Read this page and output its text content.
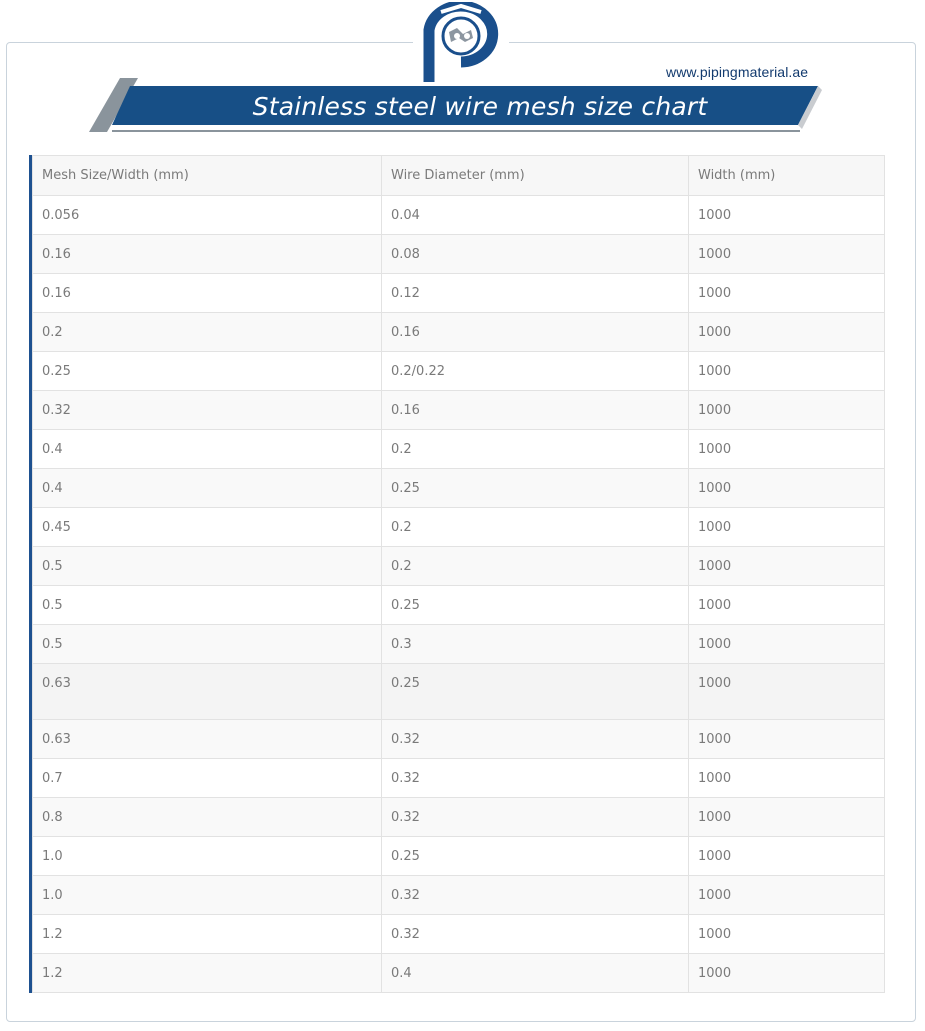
www.pipingmaterial.ae
Stainless steel wire mesh size chart
Mesh Size/Width (mm)	Wire Diameter (mm)	Width (mm)
0.056	0.04	1000
0.16	0.08	1000
0.16	0.12	1000
0.2	0.16	1000
0.25	0.2/0.22	1000
0.32	0.16	1000
0.4	0.2	1000
0.4	0.25	1000
0.45	0.2	1000
0.5	0.2	1000
0.5	0.25	1000
0.5	0.3	1000
0.63	0.25	1000
0.63	0.32	1000
0.7	0.32	1000
0.8	0.32	1000
1.0	0.25	1000
1.0	0.32	1000
1.2	0.32	1000
1.2	0.4	1000
